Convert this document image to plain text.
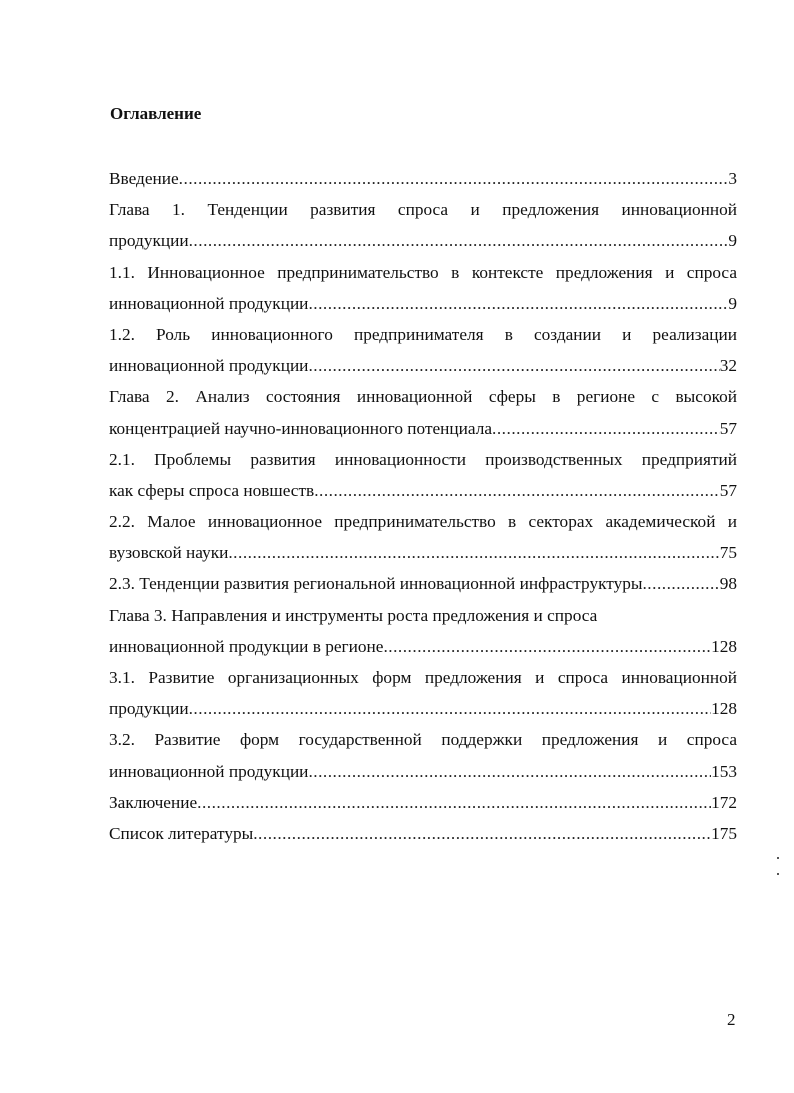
Оглавление
Введение .....	3
Глава 1. Тенденции развития спроса и предложения инновационной
продукции .....	9
1.1. Инновационное предпринимательство в контексте предложения и спроса
инновационной продукции .....	9
1.2. Роль инновационного предпринимателя в создании и реализации
инновационной продукции .....	32
Глава 2. Анализ состояния инновационной сферы в регионе с высокой
концентрацией научно-инновационного потенциала .....	57
2.1. Проблемы развития инновационности производственных предприятий
как сферы спроса новшеств .....	57
2.2. Малое инновационное предпринимательство в секторах академической и
вузовской науки .....	75
2.3. Тенденции развития региональной инновационной инфраструктуры .....	98
Глава 3. Направления и инструменты роста предложения и спроса
инновационной продукции в регионе .....	128
3.1. Развитие организационных форм предложения и спроса инновационной
продукции .....	128
3.2. Развитие форм государственной поддержки предложения и спроса
инновационной продукции .....	153
Заключение .....	172
Список литературы .....	175
2
